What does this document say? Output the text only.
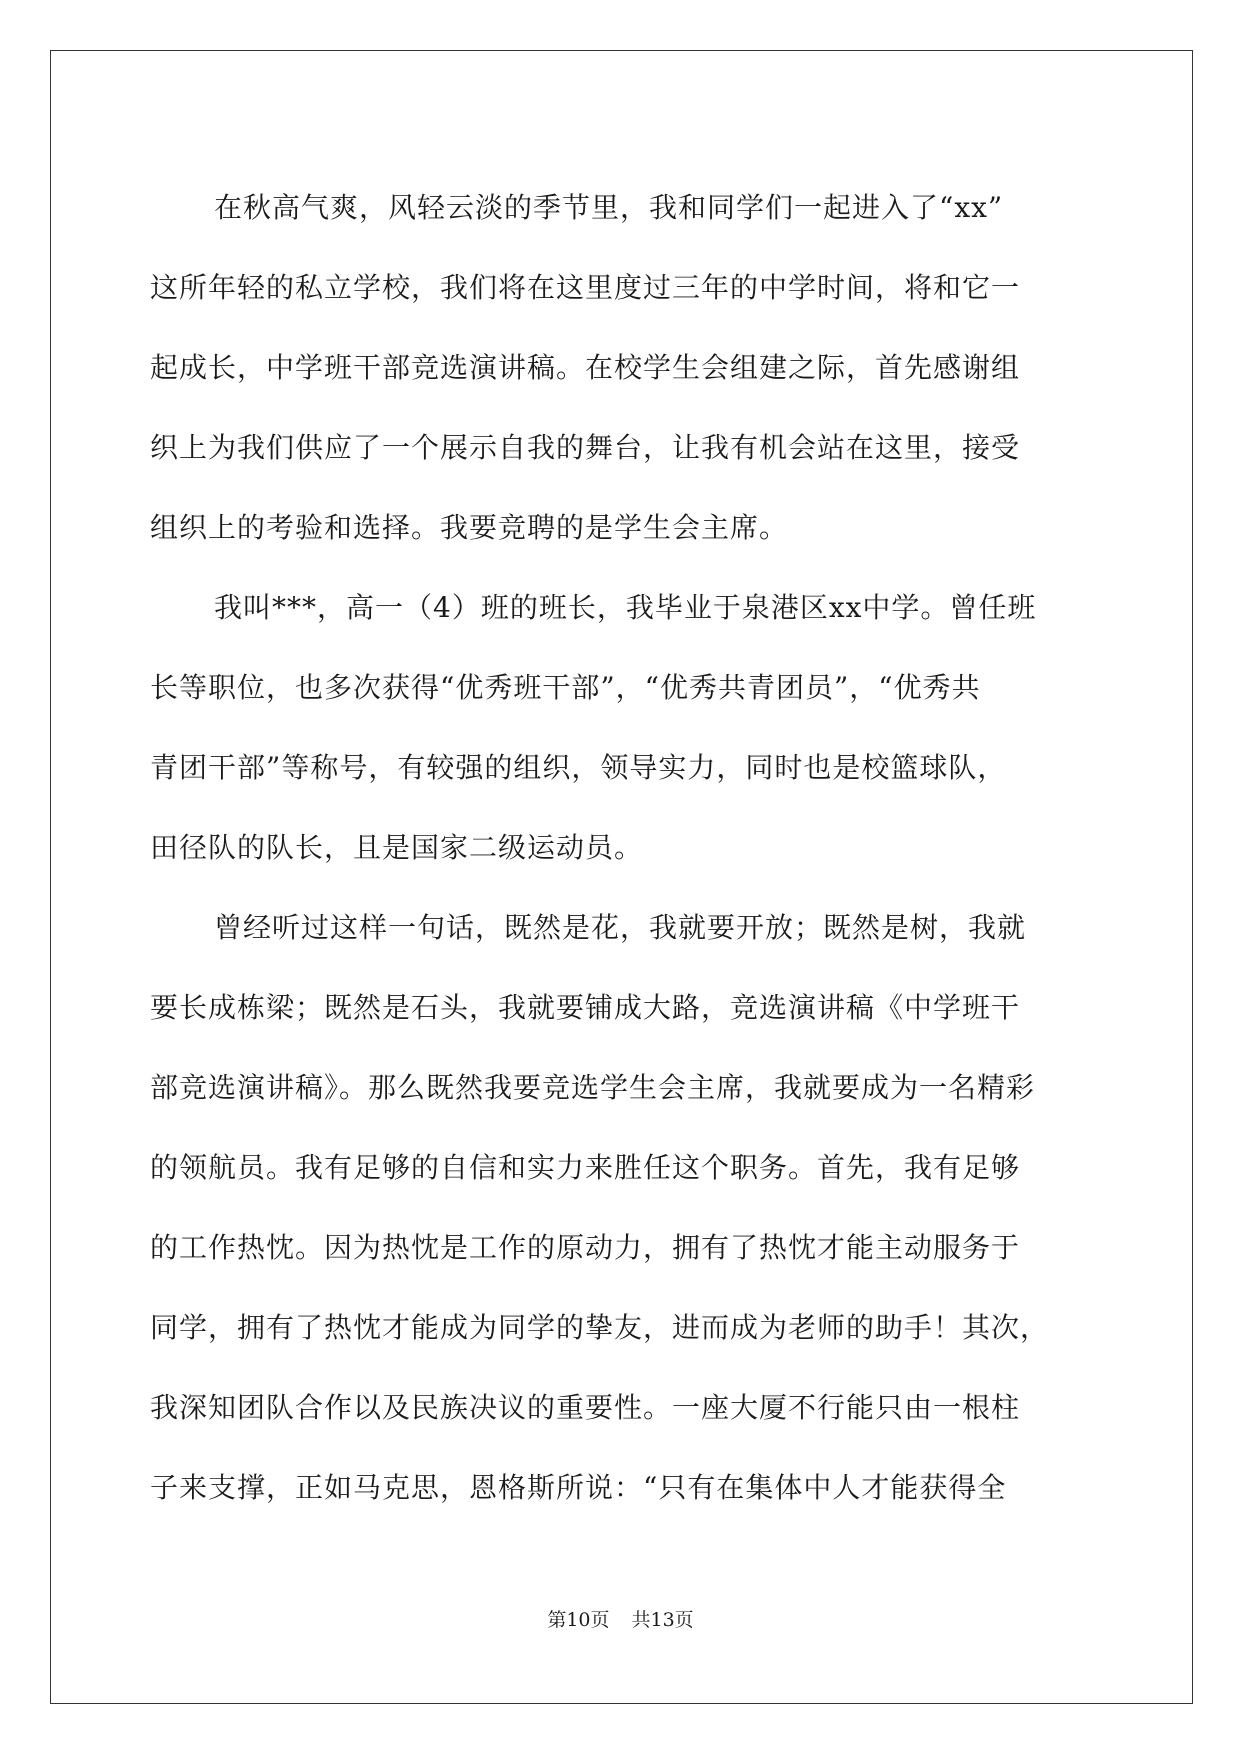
在秋高气爽，风轻云淡的季节里，我和同学们一起进入了“xx”
这所年轻的私立学校，我们将在这里度过三年的中学时间，将和它一
起成长，中学班干部竞选演讲稿。在校学生会组建之际，首先感谢组
织上为我们供应了一个展示自我的舞台，让我有机会站在这里，接受
组织上的考验和选择。我要竞聘的是学生会主席。
我叫***，高一（4）班的班长，我毕业于泉港区xx中学。曾任班
长等职位，也多次获得“优秀班干部”，“优秀共青团员”，“优秀共
青团干部”等称号，有较强的组织，领导实力，同时也是校篮球队，
田径队的队长，且是国家二级运动员。
曾经听过这样一句话，既然是花，我就要开放；既然是树，我就
要长成栋梁；既然是石头，我就要铺成大路，竞选演讲稿《中学班干
部竞选演讲稿》。那么既然我要竞选学生会主席，我就要成为一名精彩
的领航员。我有足够的自信和实力来胜任这个职务。首先，我有足够
的工作热忱。因为热忱是工作的原动力，拥有了热忱才能主动服务于
同学，拥有了热忱才能成为同学的挚友，进而成为老师的助手！其次，
我深知团队合作以及民族决议的重要性。一座大厦不行能只由一根柱
子来支撑，正如马克思，恩格斯所说：“只有在集体中人才能获得全
第10页 共13页
